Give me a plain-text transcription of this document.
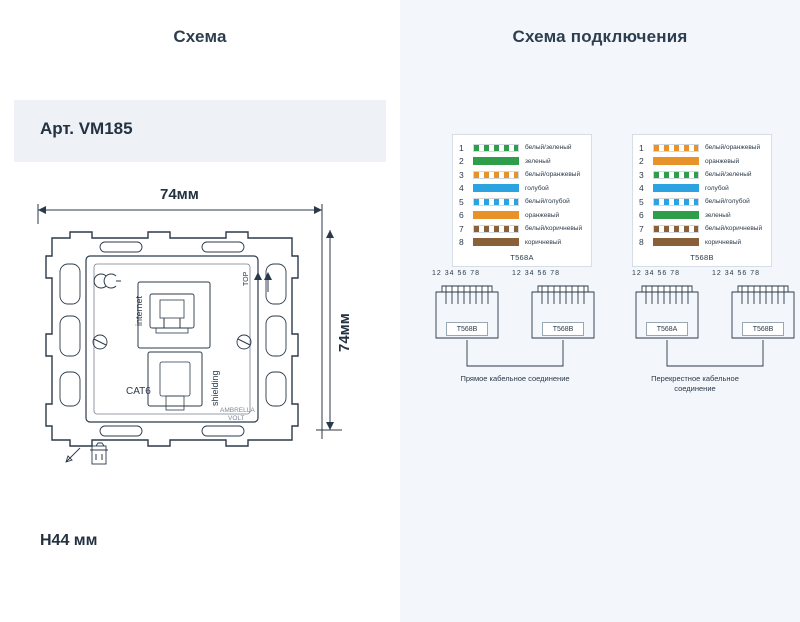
Схема	Схема подключения
Арт. VM185
74мм
74мм
H44 мм
internet
shielding
TOP
CAT6
AMBRELLA
VOLT
1	белый/зеленый
2	зеленый
3	белый/оранжевый
4	голубой
5	белый/голубой
6	оранжевый
7	белый/коричневый
8	коричневый
T568A
1	белый/оранжевый
2	оранжевый
3	белый/зеленый
4	голубой
5	белый/голубой
6	зеленый
7	белый/коричневый
8	коричневый
T568B
12 34 56 78	12 34 56 78
T568B	T568B
Прямое кабельное соединение
12 34 56 78	12 34 56 78
T568A	T568B
Перекрестное кабельное соединение
